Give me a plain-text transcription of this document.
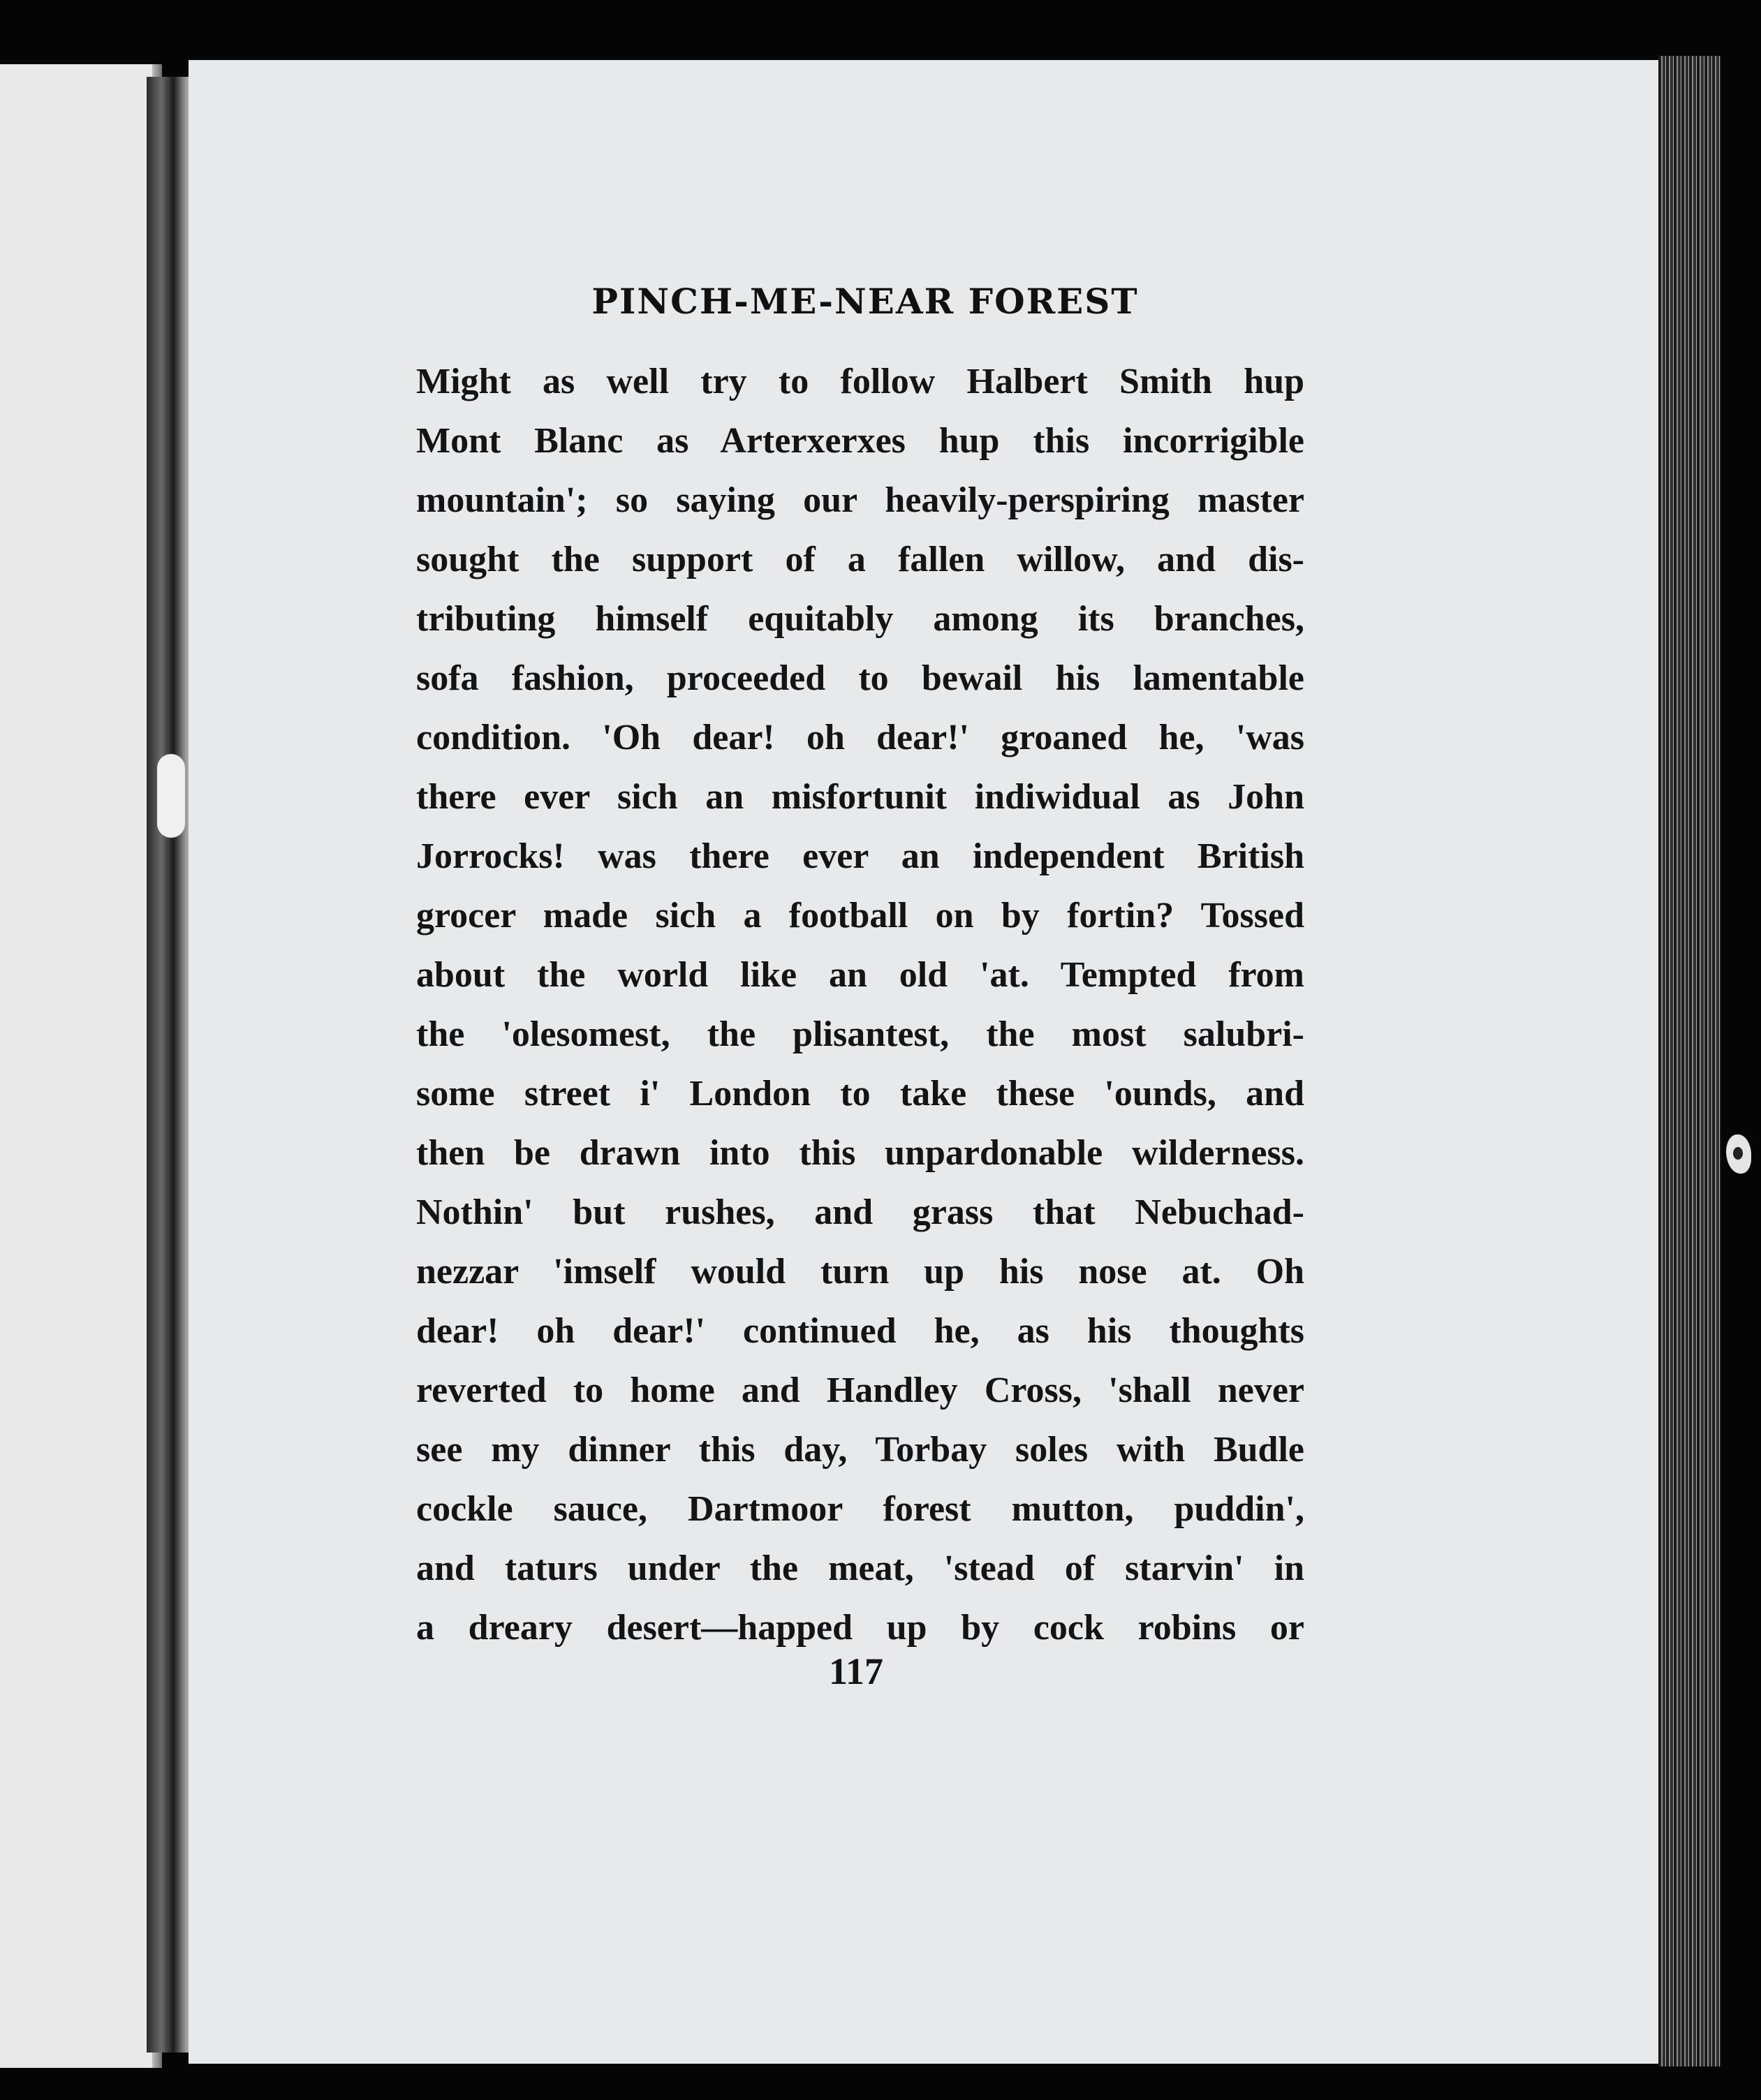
PINCH-ME-NEAR FOREST
Might as well try to follow Halbert Smith hup
Mont Blanc as Arterxerxes hup this incorrigible
mountain'; so saying our heavily-perspiring master
sought the support of a fallen willow, and dis-
tributing himself equitably among its branches,
sofa fashion, proceeded to bewail his lamentable
condition. 'Oh dear! oh dear!' groaned he, 'was
there ever sich an misfortunit indiwidual as John
Jorrocks! was there ever an independent British
grocer made sich a football on by fortin? Tossed
about the world like an old 'at. Tempted from
the 'olesomest, the plisantest, the most salubri-
some street i' London to take these 'ounds, and
then be drawn into this unpardonable wilderness.
Nothin' but rushes, and grass that Nebuchad-
nezzar 'imself would turn up his nose at. Oh
dear! oh dear!' continued he, as his thoughts
reverted to home and Handley Cross, 'shall never
see my dinner this day, Torbay soles with Budle
cockle sauce, Dartmoor forest mutton, puddin',
and taturs under the meat, 'stead of starvin' in
a dreary desert—happed up by cock robins or
117
